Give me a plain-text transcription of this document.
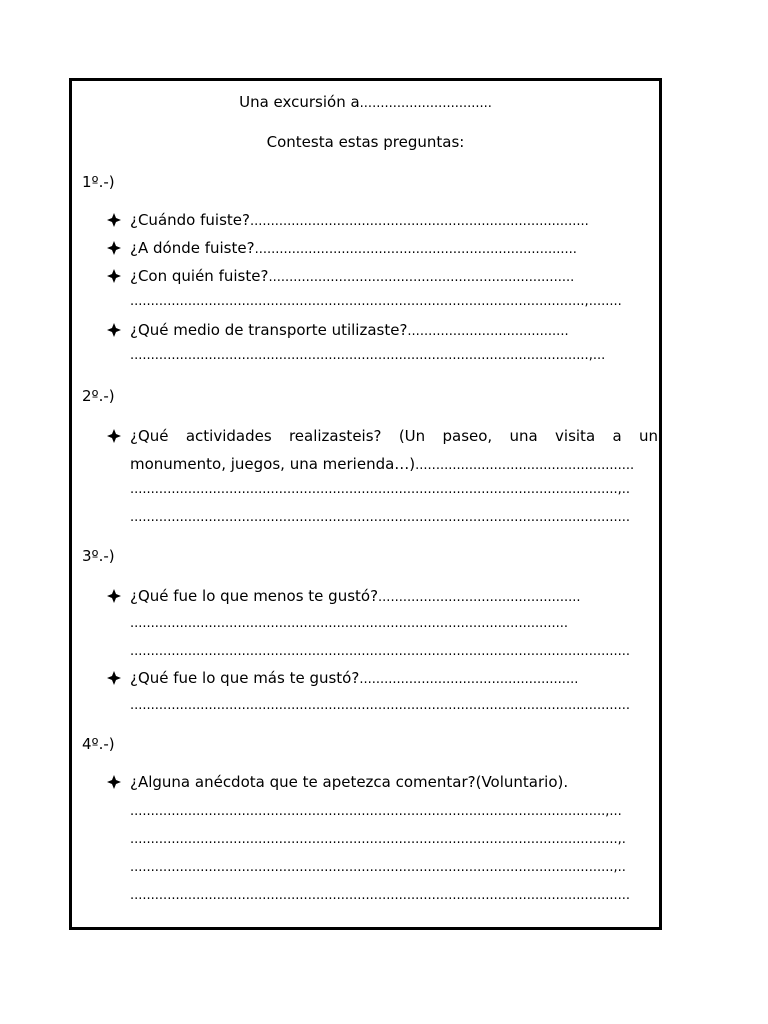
Una excursión a................................
Contesta estas preguntas:
1º.-)
¿Cuándo fuiste?..................................................................................
¿A dónde fuiste?..............................................................................
¿Con quién fuiste?..........................................................................
..............................................................................................................,........
¿Qué medio de transporte utilizaste?.......................................
...............................................................................................................,...
2º.-)
¿Qué actividades realizasteis? (Un paseo, una visita a un
monumento, juegos, una merienda…).....................................................
......................................................................................................................,..
.........................................................................................................................
3º.-)
¿Qué fue lo que menos te gustó?.................................................
..........................................................................................................
.........................................................................................................................
¿Qué fue lo que más te gustó?.....................................................
.........................................................................................................................
4º.-)
¿Alguna anécdota que te apetezca comentar?(Voluntario).
...................................................................................................................,...
......................................................................................................................,.
.....................................................................................................................,..
.........................................................................................................................
